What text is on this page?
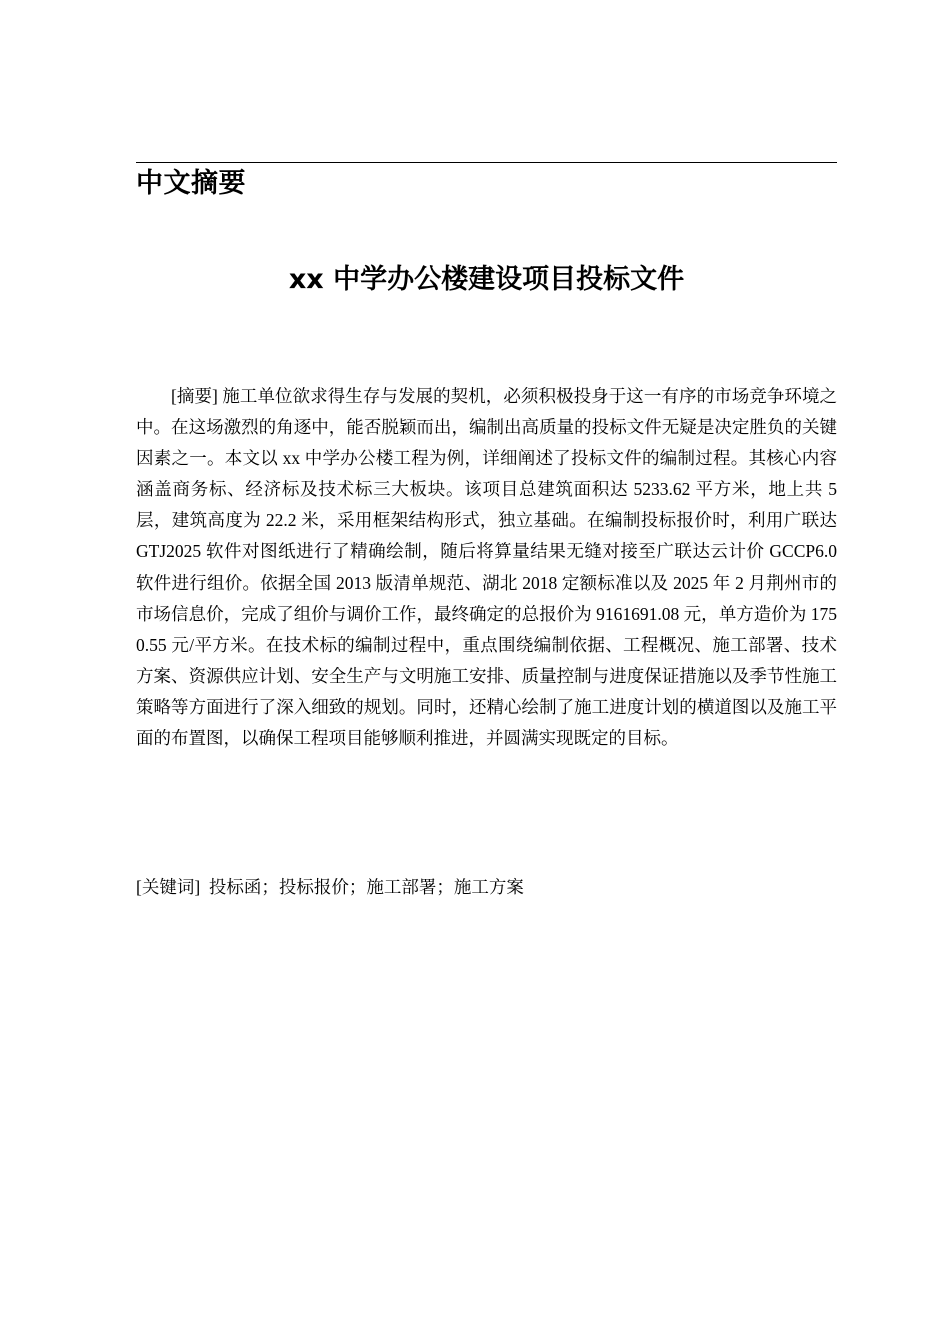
中文摘要
xx 中学办公楼建设项目投标文件

[摘要] 施工单位欲求得生存与发展的契机，必须积极投身于这一有序的市场竞争环境之中。在这场激烈的角逐中，能否脱颖而出，编制出高质量的投标文件无疑是决定胜负的关键因素之一。本文以 xx 中学办公楼工程为例，详细阐述了投标文件的编制过程。其核心内容涵盖商务标、经济标及技术标三大板块。该项目总建筑面积达 5233.62 平方米，地上共 5 层，建筑高度为 22.2 米，采用框架结构形式，独立基础。在编制投标报价时，利用广联达 GTJ2025 软件对图纸进行了精确绘制，随后将算量结果无缝对接至广联达云计价 GCCP6.0 软件进行组价。依据全国 2013 版清单规范、湖北 2018 定额标准以及 2025 年 2 月荆州市的市场信息价，完成了组价与调价工作，最终确定的总报价为 9161691.08 元，单方造价为 1750.55 元/平方米。在技术标的编制过程中，重点围绕编制依据、工程概况、施工部署、技术方案、资源供应计划、安全生产与文明施工安排、质量控制与进度保证措施以及季节性施工策略等方面进行了深入细致的规划。同时，还精心绘制了施工进度计划的横道图以及施工平面的布置图，以确保工程项目能够顺利推进，并圆满实现既定的目标。

[关键词] 投标函；投标报价；施工部署；施工方案
